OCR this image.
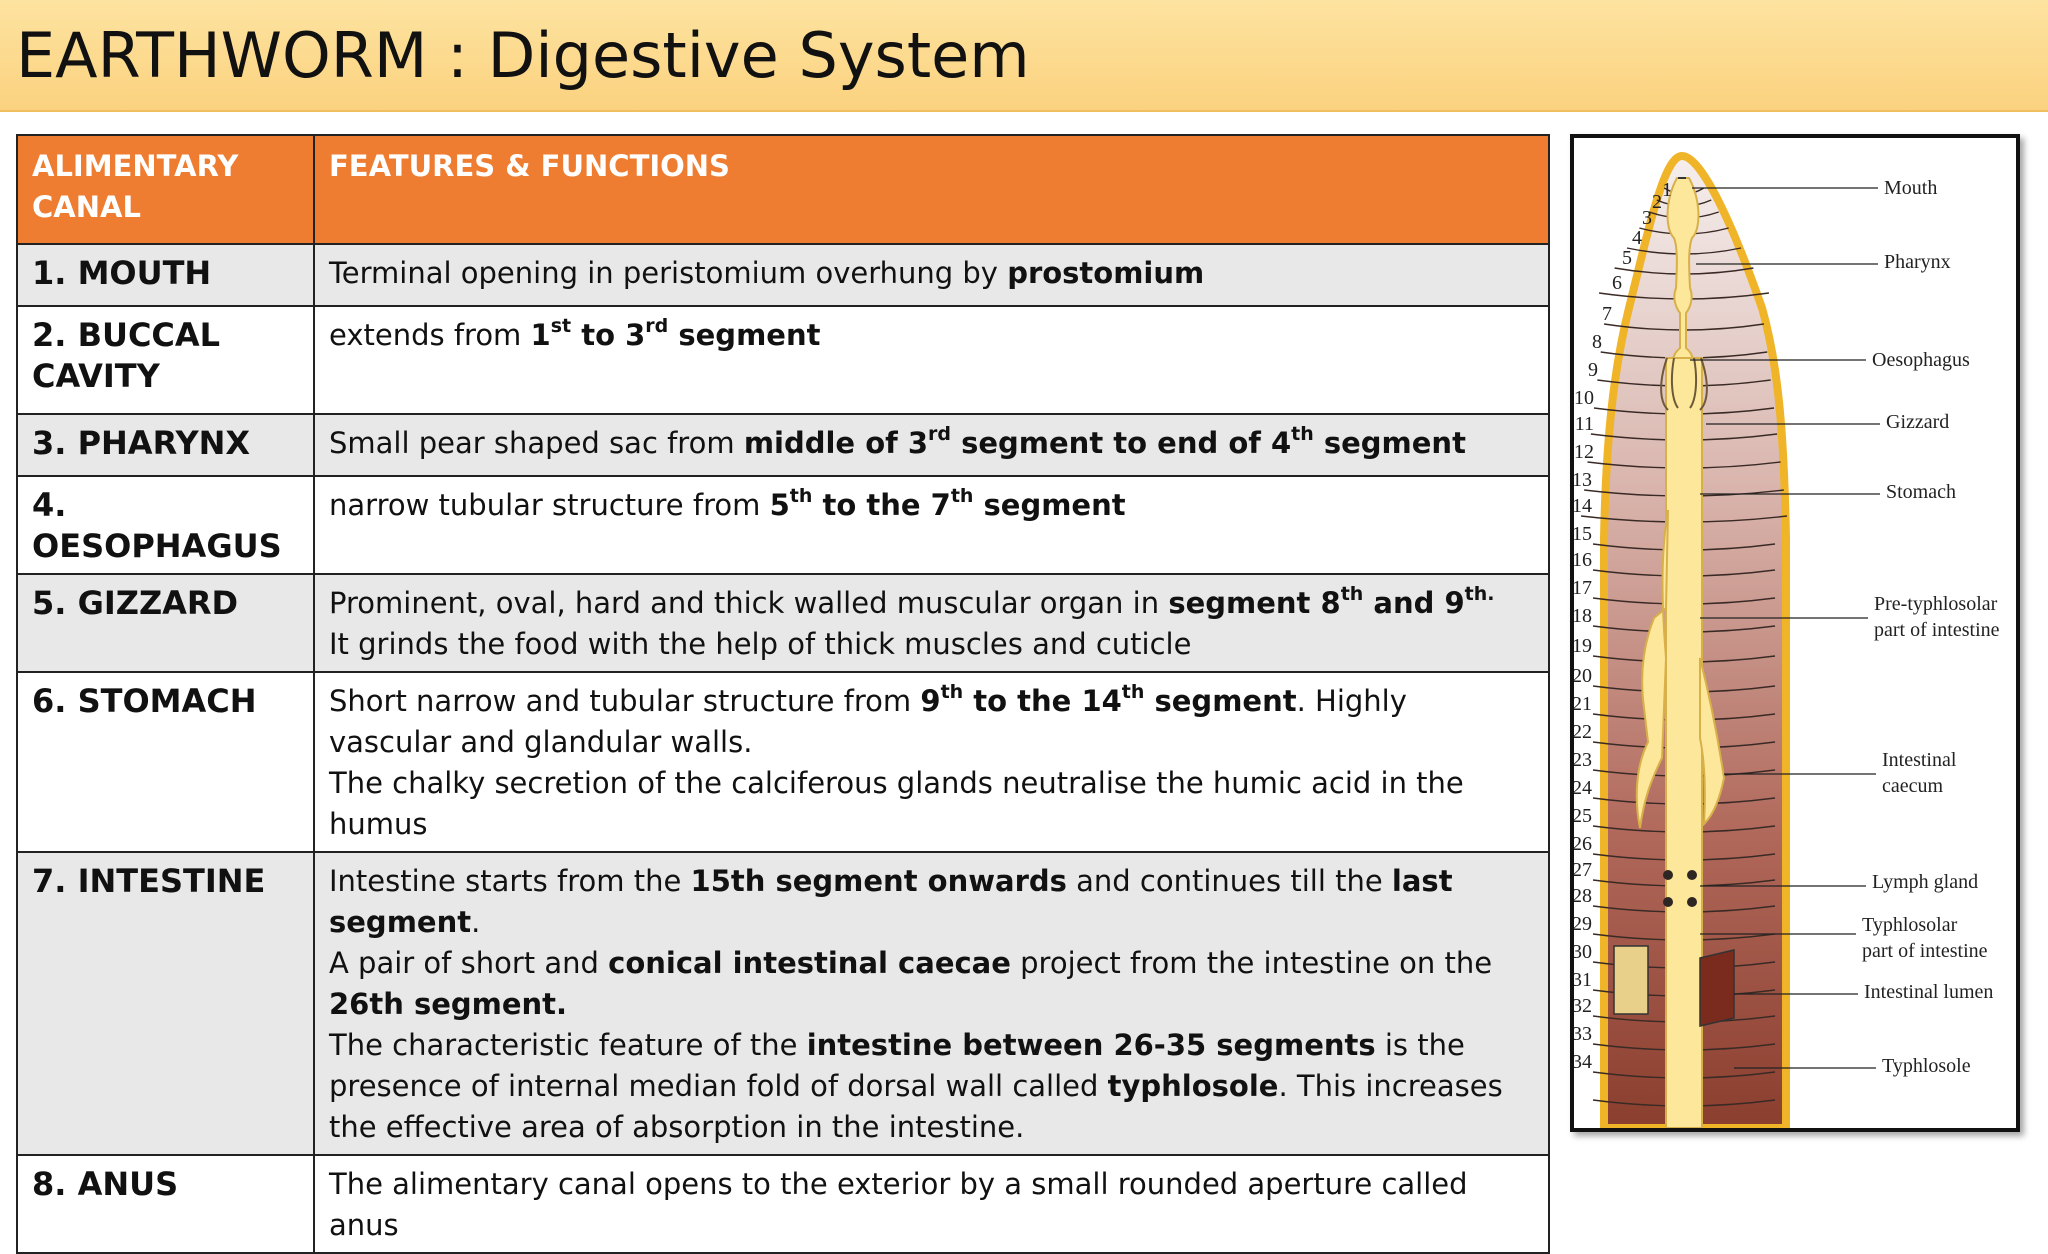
EARTHWORM : Digestive System
ALIMENTARY CANAL	FEATURES & FUNCTIONS
1. MOUTH	Terminal opening in peristomium overhung by prostomium

2. BUCCAL CAVITY	extends from 1st to 3rd segment

3. PHARYNX	Small pear shaped sac from middle of 3rd segment to end of 4th segment

4. OESOPHAGUS	narrow tubular structure from 5th to the 7th segment

5. GIZZARD	Prominent, oval, hard and thick walled muscular organ in segment 8th and $9^{th.}$
It grinds the food with the help of thick muscles and cuticle

6. STOMACH	Short narrow and tubular structure from 9th to the 14th segment. Highly vascular and glandular walls.
The chalky secretion of the calciferous glands neutralise the humic acid in the humus

7. INTESTINE	Intestine starts from the 15th segment onwards and continues till the last segment.
A pair of short and conical intestinal caecae project from the intestine on the 26th segment.
The characteristic feature of the intestine between 26-35 segments is the presence of internal median fold of dorsal wall called typhlosole. This increases the effective area of absorption in the intestine.

8. ANUS	The alimentary canal opens to the exterior by a small rounded aperture called anus
1
2
3
4
5
6
7
8
9
10
11
12
13
14
15
16
17
18
19
20
21
22
23
24
25
26
27
28
29
30
31
32
33
34
Mouth
Pharynx
Oesophagus
Gizzard
Stomach
Pre-typhlosolar
part of intestine
Intestinal
caecum
Lymph gland
Typhlosolar
part of intestine
Intestinal lumen
Typhlosole
